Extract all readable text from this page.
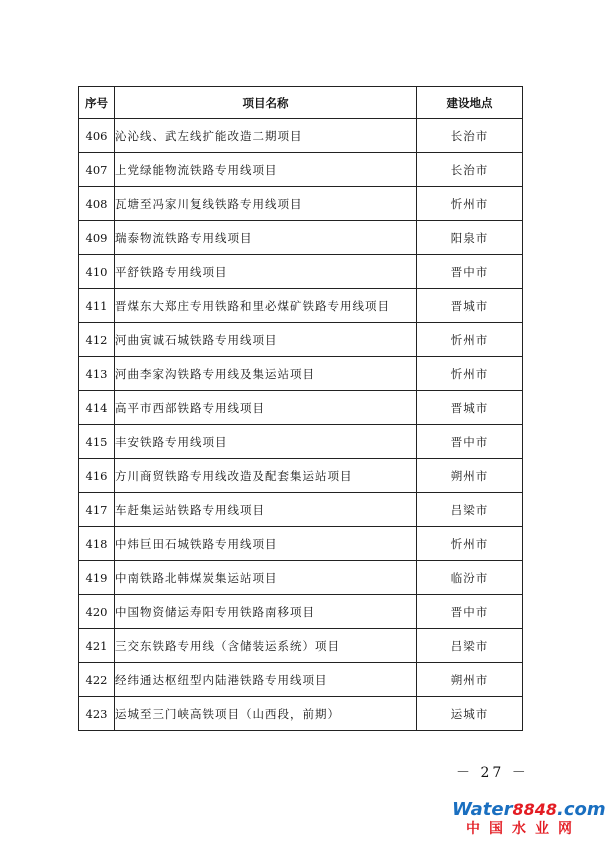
序号	项目名称	建设地点
406	沁沁线、武左线扩能改造二期项目	长治市
407	上党绿能物流铁路专用线项目	长治市
408	瓦塘至冯家川复线铁路专用线项目	忻州市
409	瑞泰物流铁路专用线项目	阳泉市
410	平舒铁路专用线项目	晋中市
411	晋煤东大郑庄专用铁路和里必煤矿铁路专用线项目	晋城市
412	河曲寅诚石城铁路专用线项目	忻州市
413	河曲李家沟铁路专用线及集运站项目	忻州市
414	高平市西部铁路专用线项目	晋城市
415	丰安铁路专用线项目	晋中市
416	方川商贸铁路专用线改造及配套集运站项目	朔州市
417	车赶集运站铁路专用线项目	吕梁市
418	中炜巨田石城铁路专用线项目	忻州市
419	中南铁路北韩煤炭集运站项目	临汾市
420	中国物资储运寿阳专用铁路南移项目	晋中市
421	三交东铁路专用线（含储装运系统）项目	吕梁市
422	经纬通达枢纽型内陆港铁路专用线项目	朔州市
423	运城至三门峡高铁项目（山西段，前期）	运城市
－ 27 －
Water8848.com
中国水业网
